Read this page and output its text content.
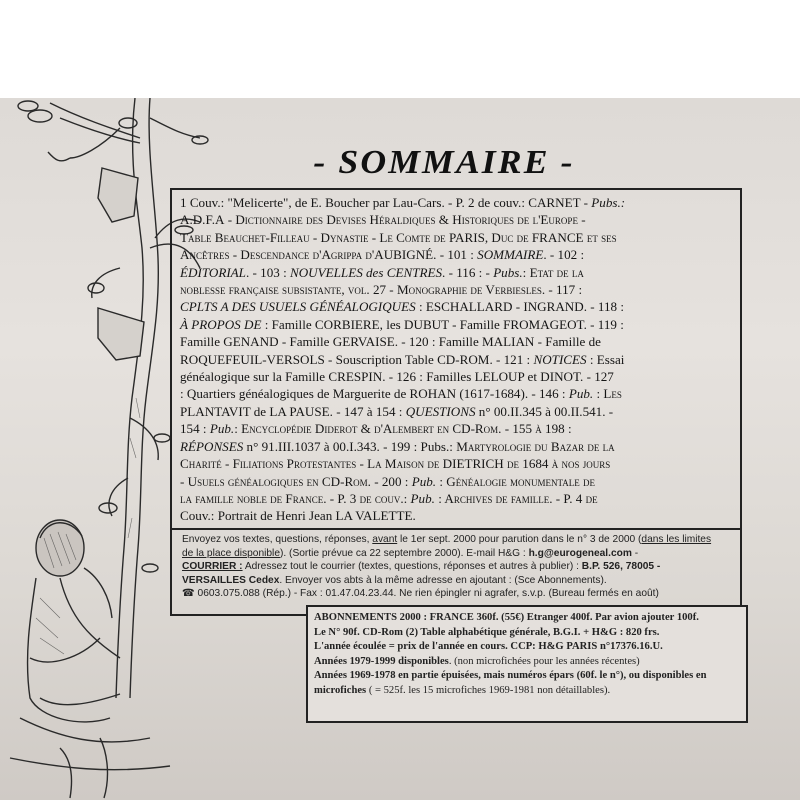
- SOMMAIRE -
1 Couv.: "Melicerte", de E. Boucher par Lau-Cars. - P. 2 de couv.: CARNET - Pubs.:
A.D.F.A - Dictionnaire des Devises Héraldiques & Historiques de l'Europe -
Table Beauchet-Filleau - Dynastie - Le Comte de PARIS, Duc de FRANCE et ses
Ancêtres - Descendance d'Agrippa d'AUBIGNÉ. - 101 : SOMMAIRE. - 102 :
ÉDITORIAL. - 103 : NOUVELLES des CENTRES. - 116 : - Pubs.: Etat de la
noblesse française subsistante, vol. 27 - Monographie de Verbiesles. - 117 :
CPLTS A DES USUELS GÉNÉALOGIQUES : ESCHALLARD - INGRAND. - 118 :
À PROPOS DE : Famille CORBIERE, les DUBUT - Famille FROMAGEOT. - 119 :
Famille GENAND - Famille GERVAISE. - 120 : Famille MALIAN - Famille de
ROQUEFEUIL-VERSOLS - Souscription Table CD-ROM. - 121 : NOTICES : Essai
généalogique sur la Famille CRESPIN. - 126 : Familles LELOUP et DINOT. - 127
: Quartiers généalogiques de Marguerite de ROHAN (1617-1684). - 146 : Pub. : Les
PLANTAVIT de LA PAUSE. - 147 à 154 : QUESTIONS n° 00.II.345 à 00.II.541. -
154 : Pub.: Encyclopédie Diderot & d'Alembert en CD-Rom. - 155 à 198 :
RÉPONSES n° 91.III.1037 à 00.I.343. - 199 : Pubs.: Martyrologie du Bazar de la
Charité - Filiations Protestantes - La Maison de DIETRICH de 1684 à nos jours
- Usuels généalogiques en CD-Rom. - 200 : Pub. : Généalogie monumentale de
la famille noble de France. - P. 3 de couv.: Pub. : Archives de famille. - P. 4 de
Couv.: Portrait de Henri Jean LA VALETTE.
Envoyez vos textes, questions, réponses, avant le 1er sept. 2000 pour parution dans le n° 3 de 2000 (dans les limites
de la place disponible). (Sortie prévue ca 22 septembre 2000). E-mail H&G : h.g@eurogeneal.com -
COURRIER : Adressez tout le courrier (textes, questions, réponses et autres à publier) : B.P. 526, 78005 -
VERSAILLES Cedex. Envoyer vos abts à la même adresse en ajoutant : (Sce Abonnements).
☎ 0603.075.088 (Rép.) - Fax : 01.47.04.23.44. Ne rien épingler ni agrafer, s.v.p. (Bureau fermés en août)
ABONNEMENTS 2000 : FRANCE 360f. (55€) Etranger 400f. Par avion ajouter 100f.
Le N° 90f. CD-Rom (2) Table alphabétique générale, B.G.I. + H&G : 820 frs.
L'année écoulée = prix de l'année en cours. CCP: H&G PARIS n°17376.16.U.
Années 1979-1999 disponibles. (non microfichées pour les années récentes)
Années 1969-1978 en partie épuisées, mais numéros épars (60f. le n°), ou disponibles en
microfiches ( = 525f. les 15 microfiches 1969-1981 non détaillables).
